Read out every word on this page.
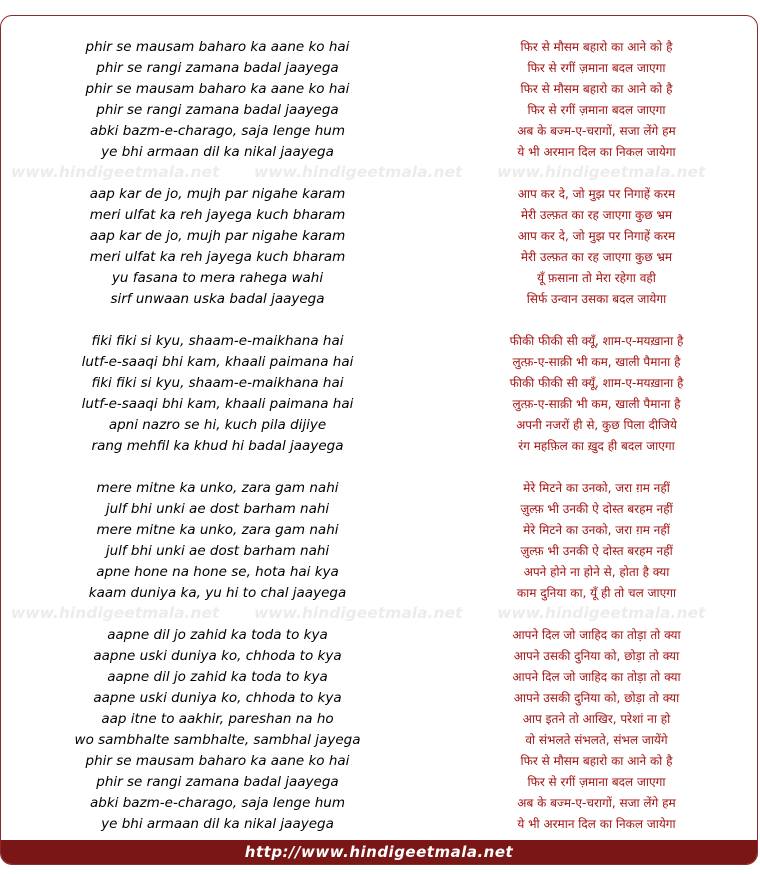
www.hindigeetmala.net www.hindigeetmala.net www.hindigeetmala.net
www.hindigeetmala.net www.hindigeetmala.net www.hindigeetmala.net
phir se mausam baharo ka aane ko hai
phir se rangi zamana badal jaayega
phir se mausam baharo ka aane ko hai
phir se rangi zamana badal jaayega
abki bazm-e-charago, saja lenge hum
ye bhi armaan dil ka nikal jaayega
aap kar de jo, mujh par nigahe karam
meri ulfat ka reh jayega kuch bharam
aap kar de jo, mujh par nigahe karam
meri ulfat ka reh jayega kuch bharam
yu fasana to mera rahega wahi
sirf unwaan uska badal jaayega
fiki fiki si kyu, shaam-e-maikhana hai
lutf-e-saaqi bhi kam, khaali paimana hai
fiki fiki si kyu, shaam-e-maikhana hai
lutf-e-saaqi bhi kam, khaali paimana hai
apni nazro se hi, kuch pila dijiye
rang mehfil ka khud hi badal jaayega
mere mitne ka unko, zara gam nahi
julf bhi unki ae dost barham nahi
mere mitne ka unko, zara gam nahi
julf bhi unki ae dost barham nahi
apne hone na hone se, hota hai kya
kaam duniya ka, yu hi to chal jaayega
aapne dil jo zahid ka toda to kya
aapne uski duniya ko, chhoda to kya
aapne dil jo zahid ka toda to kya
aapne uski duniya ko, chhoda to kya
aap itne to aakhir, pareshan na ho
wo sambhalte sambhalte, sambhal jayega
phir se mausam baharo ka aane ko hai
phir se rangi zamana badal jaayega
abki bazm-e-charago, saja lenge hum
ye bhi armaan dil ka nikal jaayega
फिर से मौसम बहारो का आने को है
फिर से रगीं ज़माना बदल जाएगा
फिर से मौसम बहारो का आने को है
फिर से रगीं ज़माना बदल जाएगा
अब के बज्म-ए-चरागों, सजा लेंगे हम
ये भी अरमान दिल का निकल जायेगा
आप कर दे, जो मुझ पर निगाहें करम
मेरी उल्फ़त का रह जाएगा कुछ भ्रम
आप कर दे, जो मुझ पर निगाहें करम
मेरी उल्फ़त का रह जाएगा कुछ भ्रम
यूँ फ़साना तो मेरा रहेगा वही
सिर्फ उन्वान उसका बदल जायेगा
फीकी फीकी सी क्यूँ, शाम-ए-मयख़ाना है
लुत्फ़-ए-साक़ी भी कम, खाली पैमाना है
फीकी फीकी सी क्यूँ, शाम-ए-मयख़ाना है
लुत्फ़-ए-साक़ी भी कम, खाली पैमाना है
अपनी नजरों ही से, कुछ पिला दीजिये
रंग महफ़िल का ख़ुद ही बदल जाएगा
मेरे मिटने का उनको, जरा ग़म नहीं
ज़ुल्फ़ भी उनकी ऐ दोस्त बरहम नहीं
मेरे मिटने का उनको, जरा ग़म नहीं
ज़ुल्फ़ भी उनकी ऐ दोस्त बरहम नहीं
अपने होने ना होने से, होता है क्या
काम दुनिया का, यूँ ही तो चल जाएगा
आपने दिल जो जाहिद का तोड़ा तो क्या
आपने उसकी दुनिया को, छोड़ा तो क्या
आपने दिल जो जाहिद का तोड़ा तो क्या
आपने उसकी दुनिया को, छोड़ा तो क्या
आप इतने तो आखिर, परेशां ना हो
वो संभलते संभलते, संभल जायेंगे
फिर से मौसम बहारो का आने को है
फिर से रगीं ज़माना बदल जाएगा
अब के बज्म-ए-चरागों, सजा लेंगे हम
ये भी अरमान दिल का निकल जायेगा
http://www.hindigeetmala.net
